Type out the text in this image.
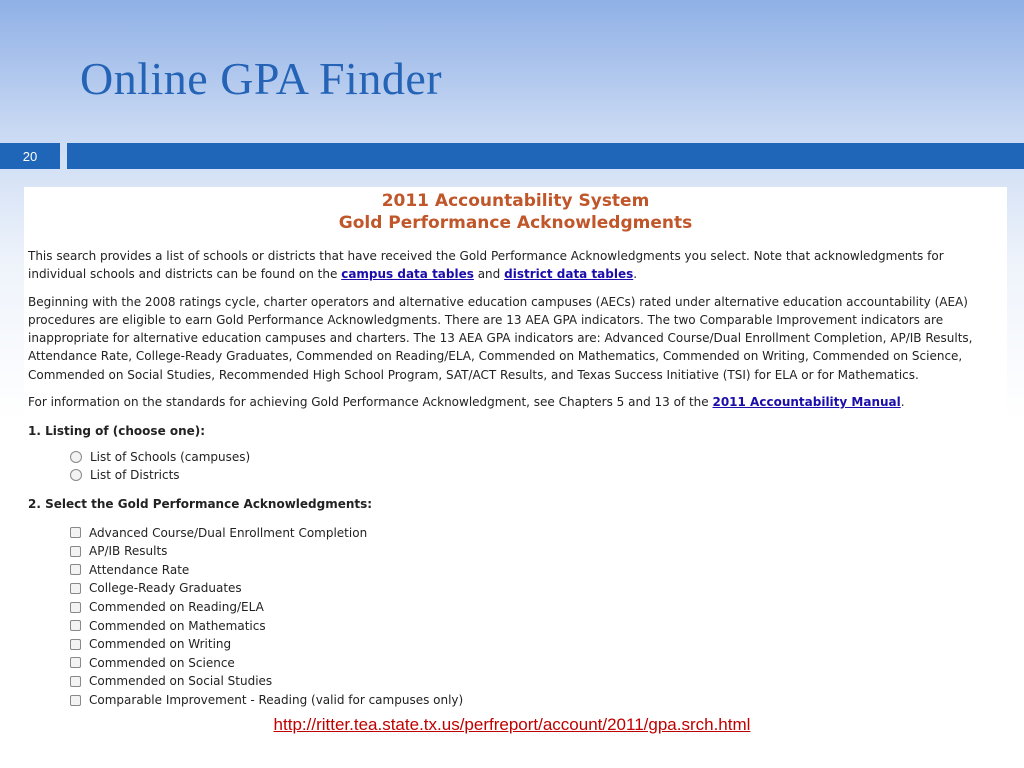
Online GPA Finder
20
2011 Accountability System
Gold Performance Acknowledgments

This search provides a list of schools or districts that have received the Gold Performance Acknowledgments you select. Note that acknowledgments for individual schools and districts can be found on the campus data tables and district data tables.

Beginning with the 2008 ratings cycle, charter operators and alternative education campuses (AECs) rated under alternative education accountability (AEA) procedures are eligible to earn Gold Performance Acknowledgments. There are 13 AEA GPA indicators. The two Comparable Improvement indicators are inappropriate for alternative education campuses and charters. The 13 AEA GPA indicators are: Advanced Course/Dual Enrollment Completion, AP/IB Results, Attendance Rate, College-Ready Graduates, Commended on Reading/ELA, Commended on Mathematics, Commended on Writing, Commended on Science, Commended on Social Studies, Recommended High School Program, SAT/ACT Results, and Texas Success Initiative (TSI) for ELA or for Mathematics.

For information on the standards for achieving Gold Performance Acknowledgment, see Chapters 5 and 13 of the 2011 Accountability Manual.

1. Listing of (choose one):
List of Schools (campuses)
List of Districts
2. Select the Gold Performance Acknowledgments:
Advanced Course/Dual Enrollment Completion
AP/IB Results
Attendance Rate
College-Ready Graduates
Commended on Reading/ELA
Commended on Mathematics
Commended on Writing
Commended on Science
Commended on Social Studies
Comparable Improvement - Reading (valid for campuses only)
http://ritter.tea.state.tx.us/perfreport/account/2011/gpa.srch.html
